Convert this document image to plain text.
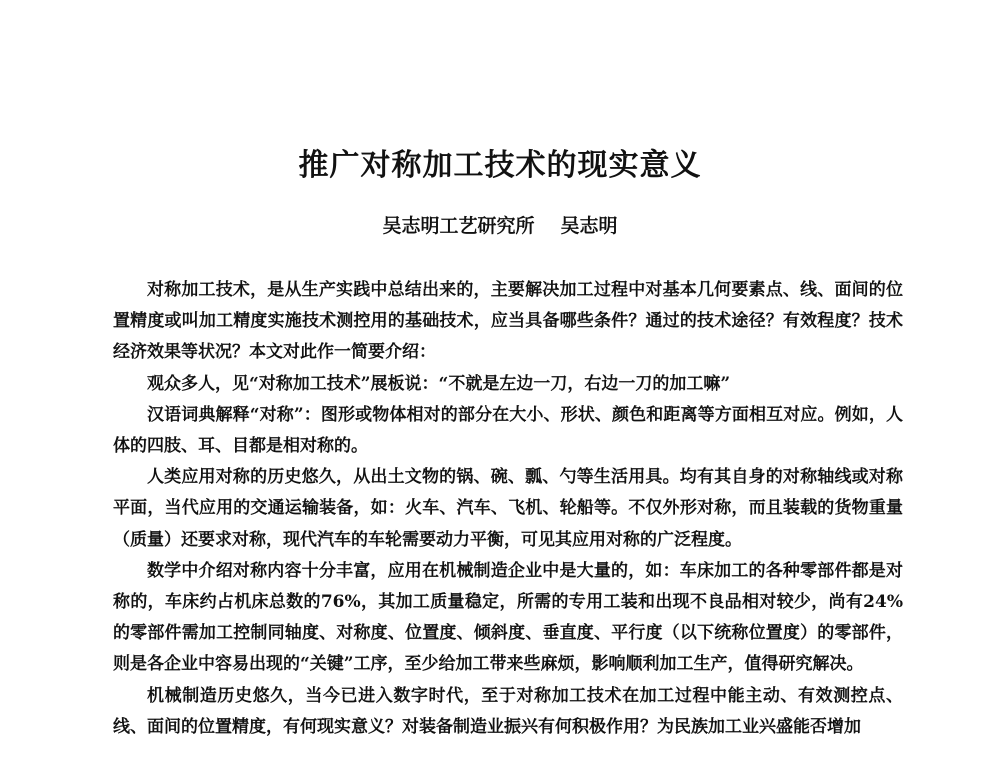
推广对称加工技术的现实意义
吴志明工艺研究所 吴志明

对称加工技术，是从生产实践中总结出来的，主要解决加工过程中对基本几何要素点、线、面间的位置精度或叫加工精度实施技术测控用的基础技术，应当具备哪些条件？通过的技术途径？有效程度？技术经济效果等状况？本文对此作一简要介绍：

观众多人，见“对称加工技术”展板说：“不就是左边一刀，右边一刀的加工嘛”

汉语词典解释“对称”：图形或物体相对的部分在大小、形状、颜色和距离等方面相互对应。例如，人体的四肢、耳、目都是相对称的。

人类应用对称的历史悠久，从出土文物的锅、碗、瓢、勺等生活用具。均有其自身的对称轴线或对称平面，当代应用的交通运输装备，如：火车、汽车、飞机、轮船等。不仅外形对称，而且装载的货物重量（质量）还要求对称，现代汽车的车轮需要动力平衡，可见其应用对称的广泛程度。

数学中介绍对称内容十分丰富，应用在机械制造企业中是大量的，如：车床加工的各种零部件都是对称的，车床约占机床总数的76%，其加工质量稳定，所需的专用工装和出现不良品相对较少，尚有24%的零部件需加工控制同轴度、对称度、位置度、倾斜度、垂直度、平行度（以下统称位置度）的零部件，则是各企业中容易出现的“关键”工序，至少给加工带来些麻烦，影响顺利加工生产，值得研究解决。

机械制造历史悠久，当今已进入数字时代，至于对称加工技术在加工过程中能主动、有效测控点、线、面间的位置精度，有何现实意义？对装备制造业振兴有何积极作用？为民族加工业兴盛能否增加
